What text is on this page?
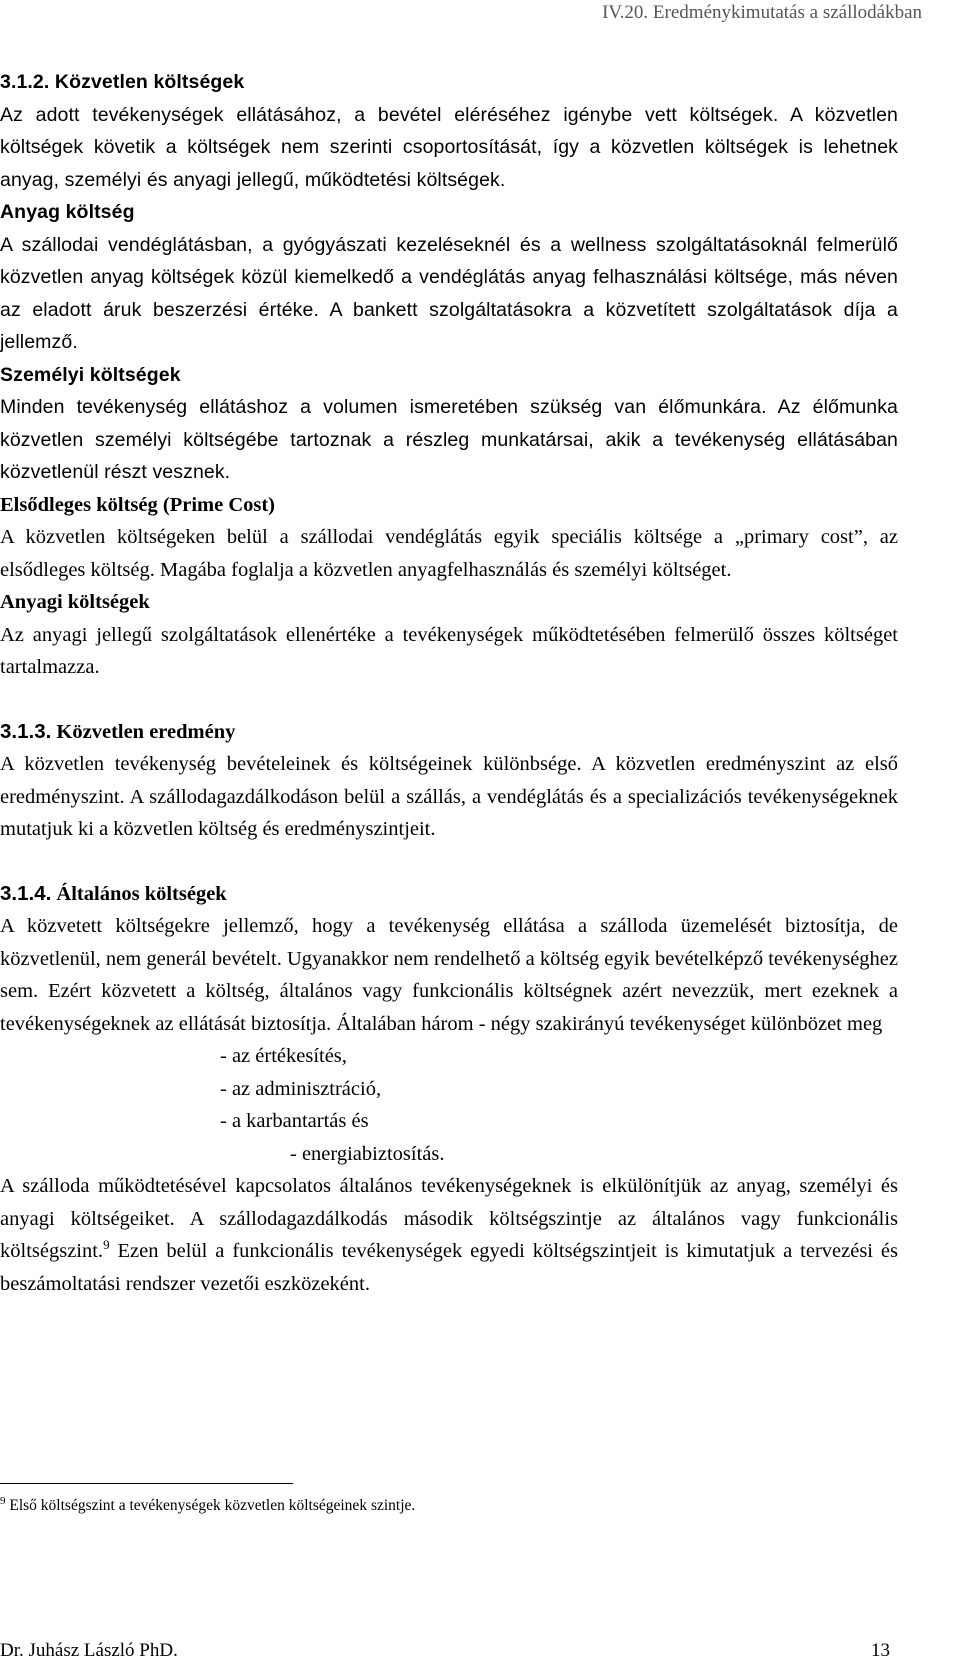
IV.20. Eredménykimutatás a szállodákban

3.1.2. Közvetlen költségek

Az adott tevékenységek ellátásához, a bevétel eléréséhez igénybe vett költségek. A közvetlen költségek követik a költségek nem szerinti csoportosítását, így a közvetlen költségek is lehetnek anyag, személyi és anyagi jellegű, működtetési költségek.

Anyag költség

A szállodai vendéglátásban, a gyógyászati kezeléseknél és a wellness szolgáltatásoknál felmerülő közvetlen anyag költségek közül kiemelkedő a vendéglátás anyag felhasználási költsége, más néven az eladott áruk beszerzési értéke. A bankett szolgáltatásokra a közvetített szolgáltatások díja a jellemző.

Személyi költségek

Minden tevékenység ellátáshoz a volumen ismeretében szükség van élőmunkára. Az élőmunka közvetlen személyi költségébe tartoznak a részleg munkatársai, akik a tevékenység ellátásában közvetlenül részt vesznek.

Elsődleges költség (Prime Cost)

A közvetlen költségeken belül a szállodai vendéglátás egyik speciális költsége a „primary cost”, az elsődleges költség. Magába foglalja a közvetlen anyagfelhasználás és személyi költséget.

Anyagi költségek

Az anyagi jellegű szolgáltatások ellenértéke a tevékenységek működtetésében felmerülő összes költséget tartalmazza.

3.1.3. Közvetlen eredmény

A közvetlen tevékenység bevételeinek és költségeinek különbsége. A közvetlen eredményszint az első eredményszint. A szállodagazdálkodáson belül a szállás, a vendéglátás és a specializációs tevékenységeknek mutatjuk ki a közvetlen költség és eredményszintjeit.

3.1.4. Általános költségek

A közvetett költségekre jellemző, hogy a tevékenység ellátása a szálloda üzemelését biztosítja, de közvetlenül, nem generál bevételt. Ugyanakkor nem rendelhető a költség egyik bevételképző tevékenységhez sem. Ezért közvetett a költség, általános vagy funkcionális költségnek azért nevezzük, mert ezeknek a tevékenységeknek az ellátását biztosítja. Általában három - négy szakirányú tevékenységet különbözet meg

- az értékesítés,

- az adminisztráció,

- a karbantartás és

- energiabiztosítás.

A szálloda működtetésével kapcsolatos általános tevékenységeknek is elkülönítjük az anyag, személyi és anyagi költségeiket. A szállodagazdálkodás második költségszintje az általános vagy funkcionális költségszint.$^9$ Ezen belül a funkcionális tevékenységek egyedi költségszintjeit is kimutatjuk a tervezési és beszámoltatási rendszer vezetői eszközeként.

$^9$ Első költségszint a tevékenységek közvetlen költségeinek szintje.
Dr. Juhász László PhD.	13
